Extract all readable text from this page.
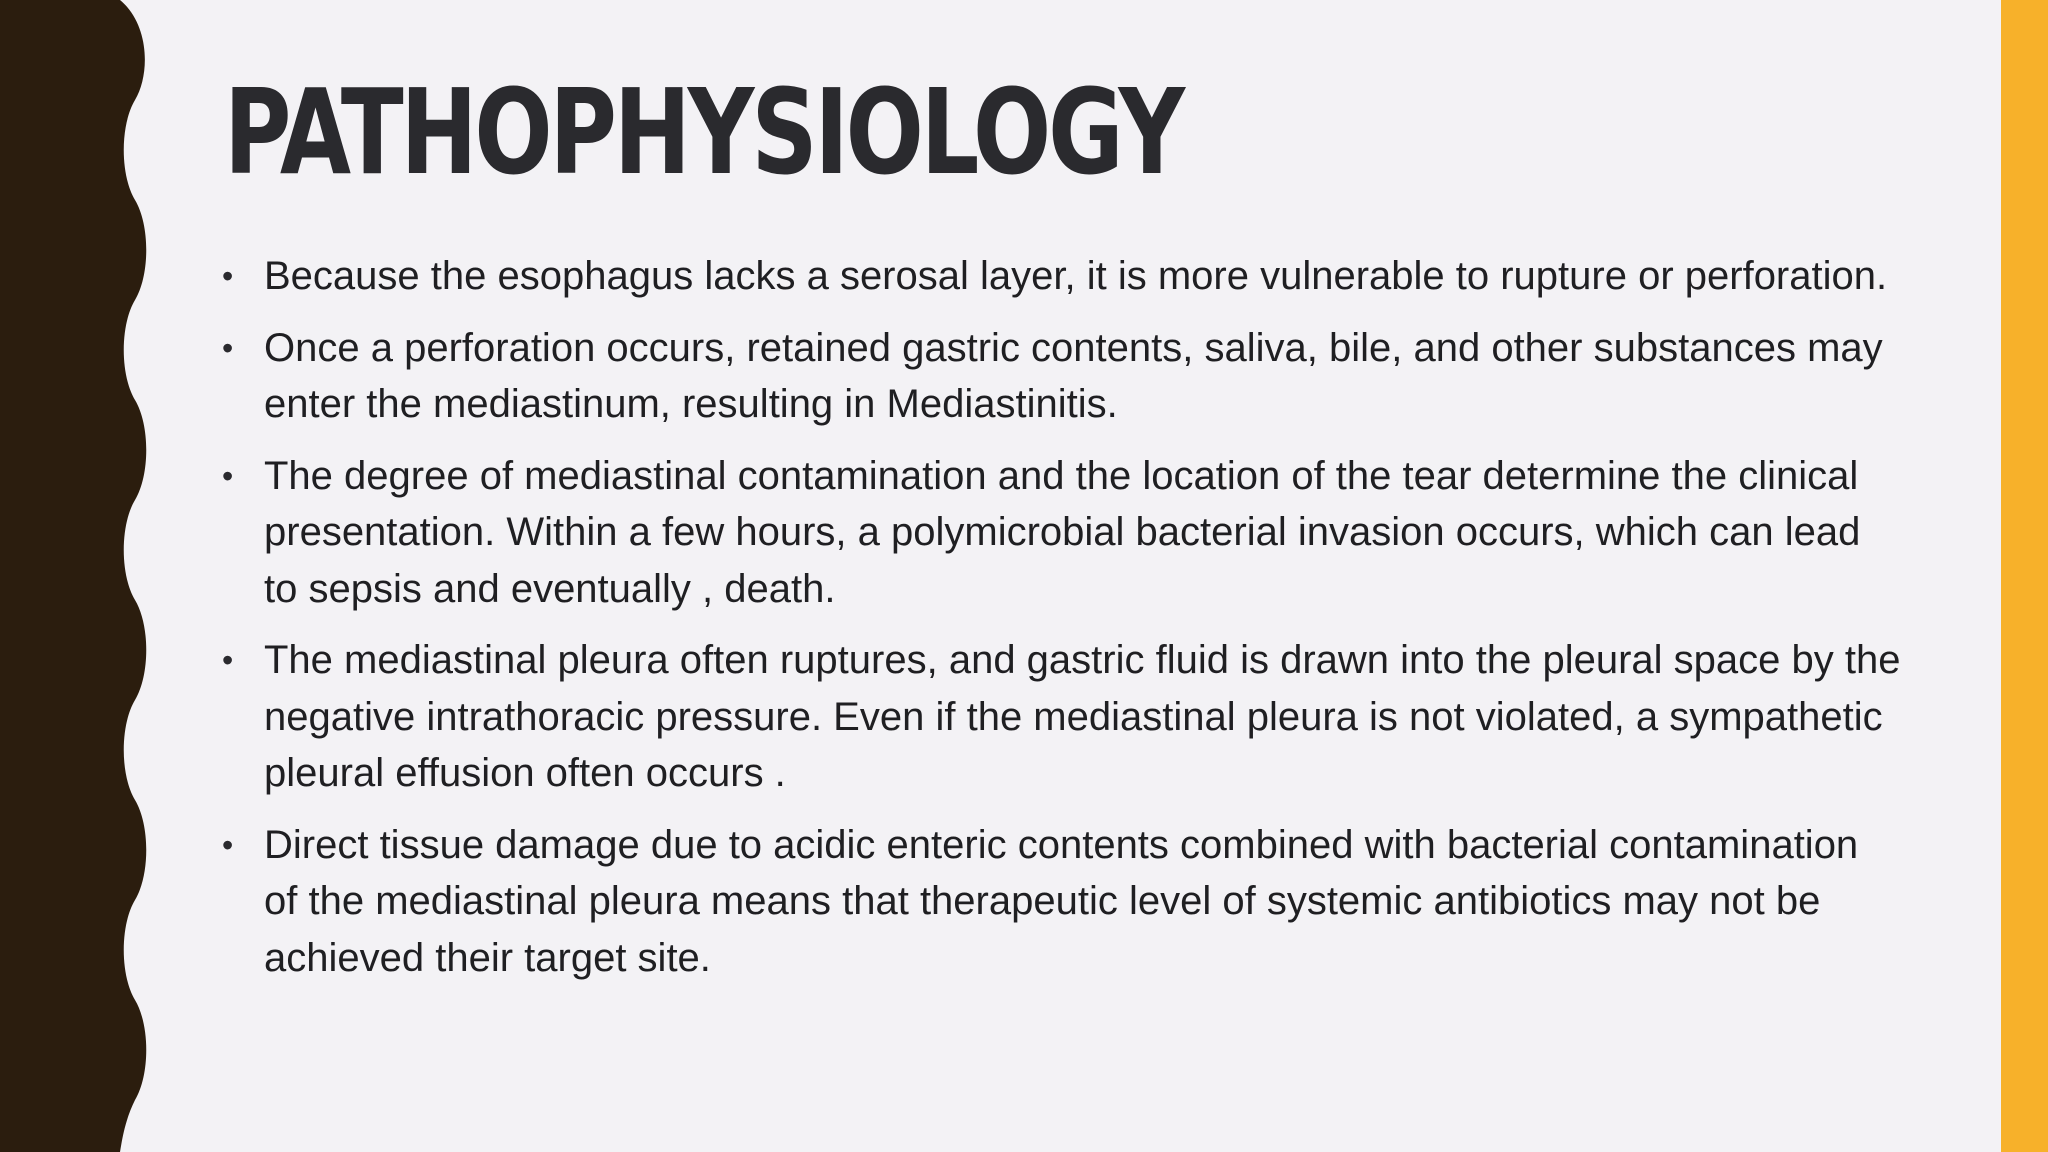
PATHOPHYSIOLOGY
• Because the esophagus lacks a serosal layer, it is more vulnerable to rupture or perforation.
• Once a perforation occurs, retained gastric contents, saliva, bile, and other substances may enter the mediastinum, resulting in Mediastinitis.
• The degree of mediastinal contamination and the location of the tear determine the clinical presentation. Within a few hours, a polymicrobial bacterial invasion occurs, which can lead to sepsis and eventually , death.
• The mediastinal pleura often ruptures, and gastric fluid is drawn into the pleural space by the negative intrathoracic pressure. Even if the mediastinal pleura is not violated, a sympathetic pleural effusion often occurs .
• Direct tissue damage due to acidic enteric contents combined with bacterial contamination of the mediastinal pleura means that therapeutic level of systemic antibiotics may not be achieved their target site.
